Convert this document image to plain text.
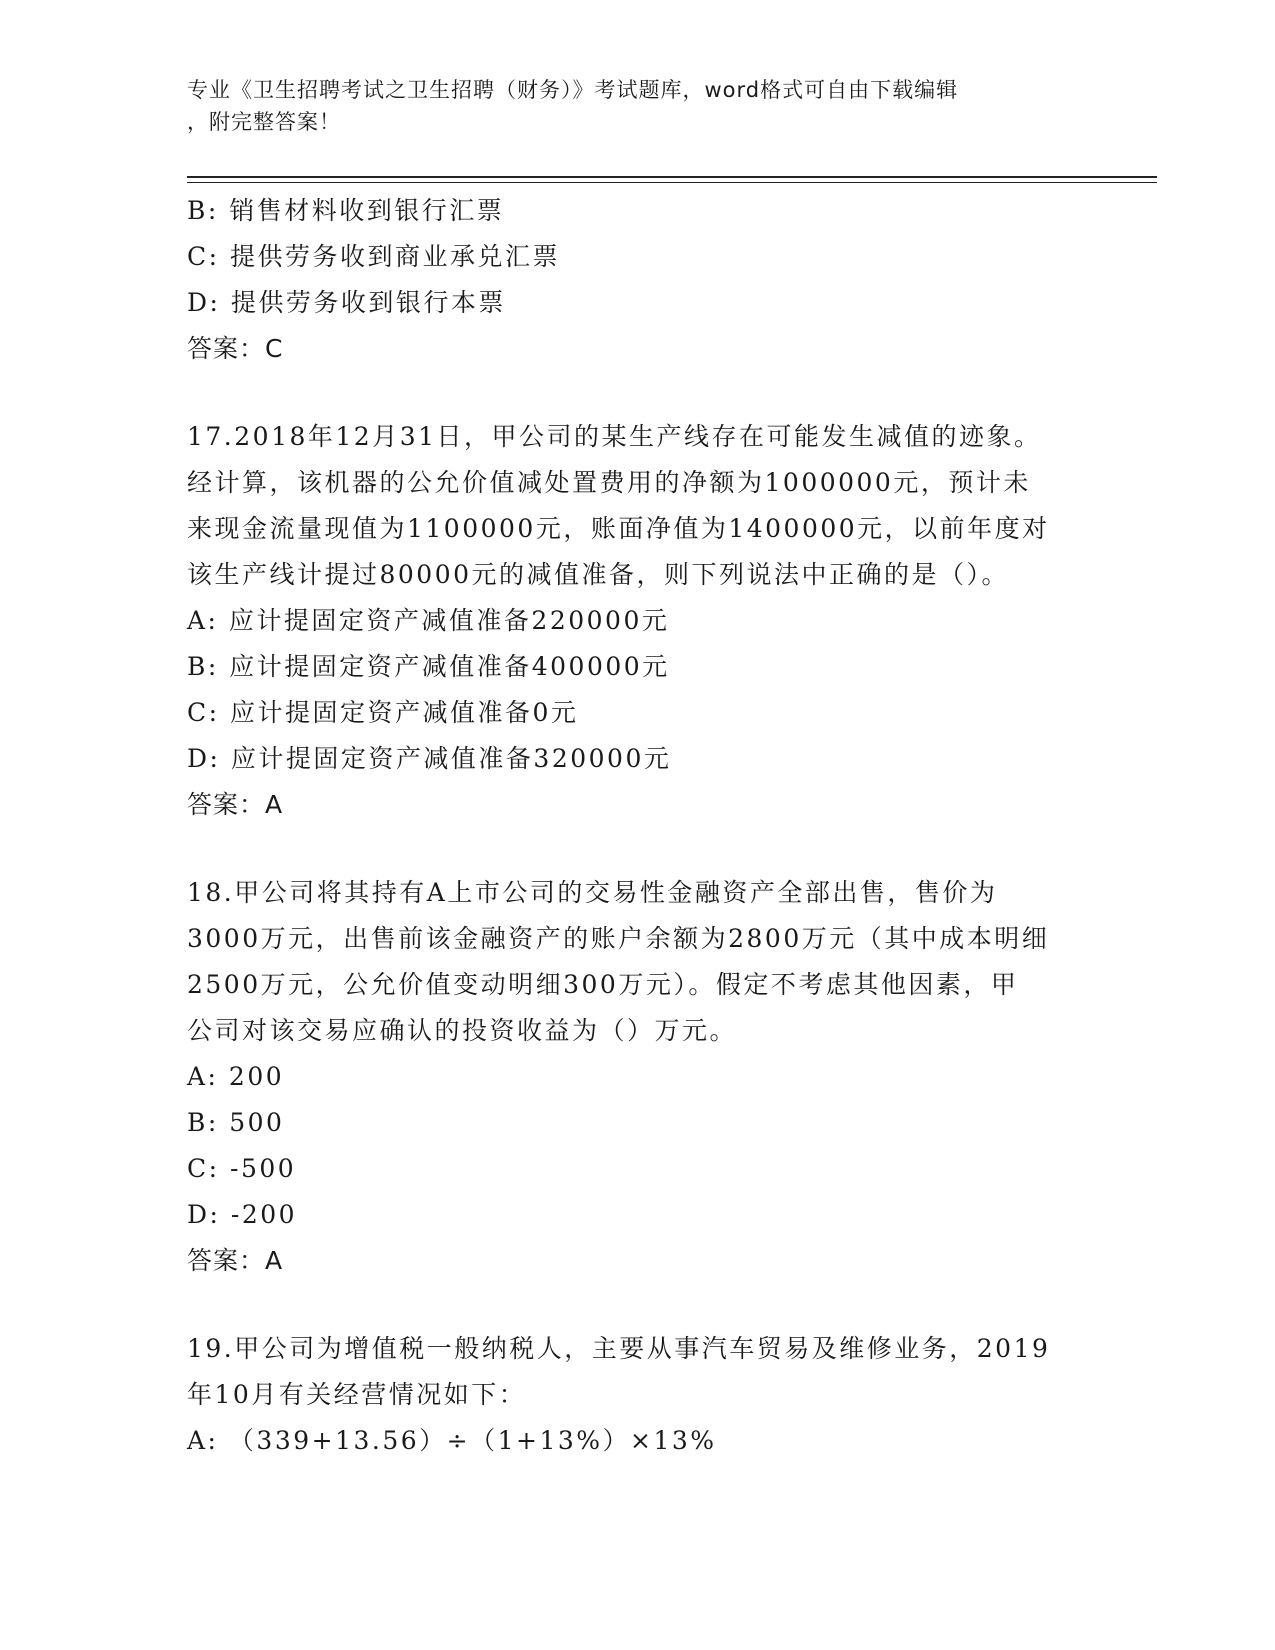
专业《卫生招聘考试之卫生招聘（财务）》考试题库，word格式可自由下载编辑
，附完整答案！
B: 销售材料收到银行汇票
C: 提供劳务收到商业承兑汇票
D: 提供劳务收到银行本票
答案：C
17.2018年12月31日，甲公司的某生产线存在可能发生减值的迹象。
经计算，该机器的公允价值减处置费用的净额为1000000元，预计未
来现金流量现值为1100000元，账面净值为1400000元，以前年度对
该生产线计提过80000元的减值准备，则下列说法中正确的是（）。
A: 应计提固定资产减值准备220000元
B: 应计提固定资产减值准备400000元
C: 应计提固定资产减值准备0元
D: 应计提固定资产减值准备320000元
答案：A
18.甲公司将其持有A上市公司的交易性金融资产全部出售，售价为
3000万元，出售前该金融资产的账户余额为2800万元（其中成本明细
2500万元，公允价值变动明细300万元）。假定不考虑其他因素，甲
公司对该交易应确认的投资收益为（）万元。
A: 200
B: 500
C: -500
D: -200
答案：A
19.甲公司为增值税一般纳税人，主要从事汽车贸易及维修业务，2019
年10月有关经营情况如下：
A: （339+13.56）÷（1+13%）×13%
